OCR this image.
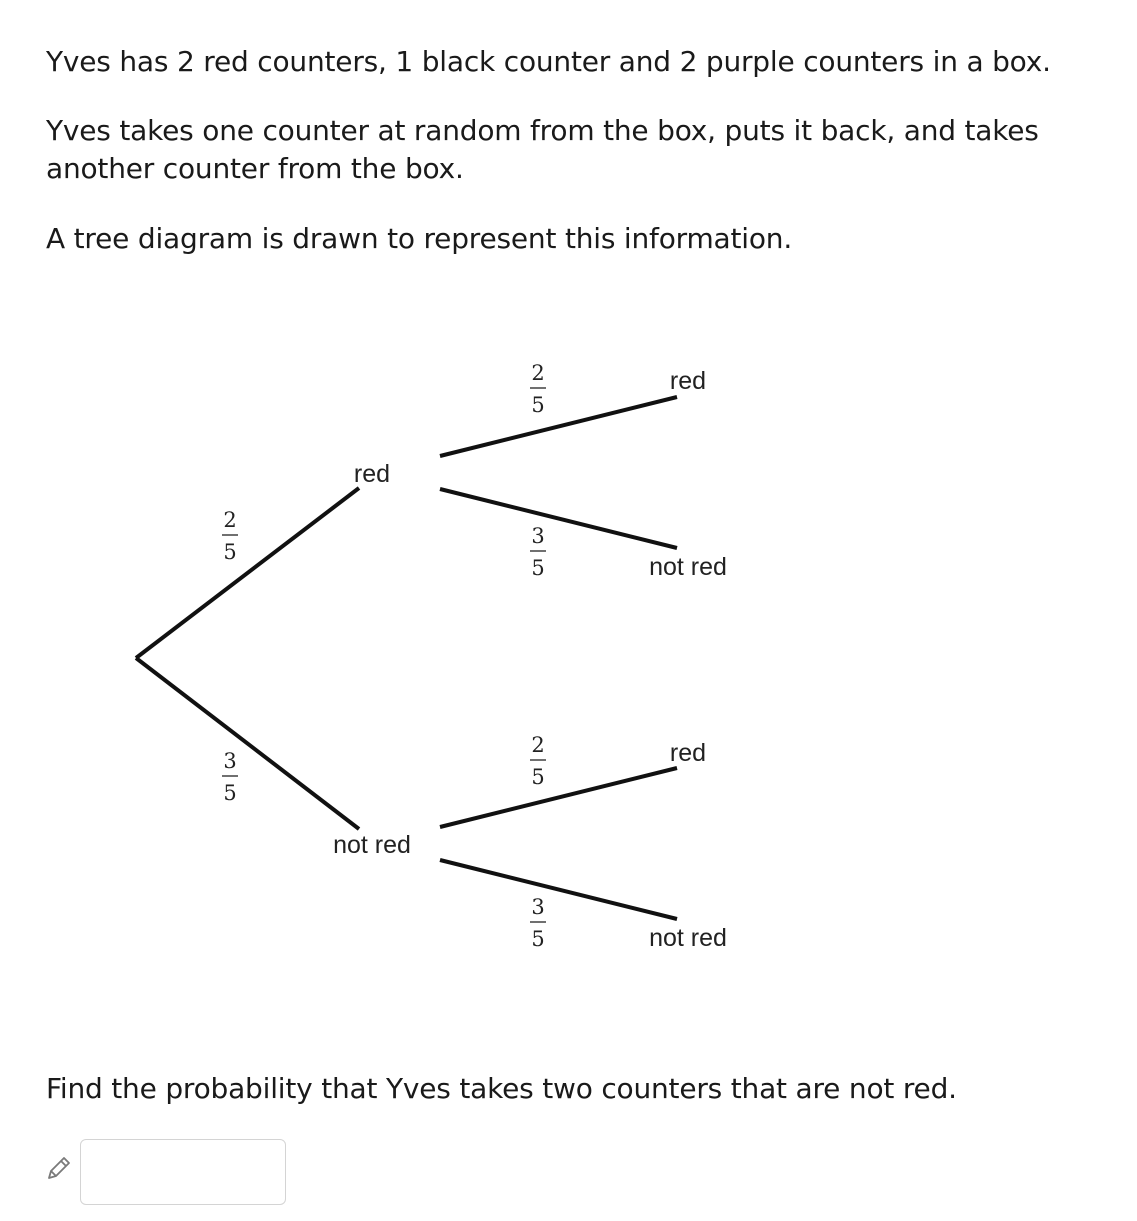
Yves has 2 red counters, 1 black counter and 2 purple counters in a box.

Yves takes one counter at random from the box, puts it back, and takes another counter from the box.

A tree diagram is drawn to represent this information.

red
not red
red
not red
red
not red
2
5
3
5
2
5
3
5
2
5
3
5

Find the probability that Yves takes two counters that are not red.
